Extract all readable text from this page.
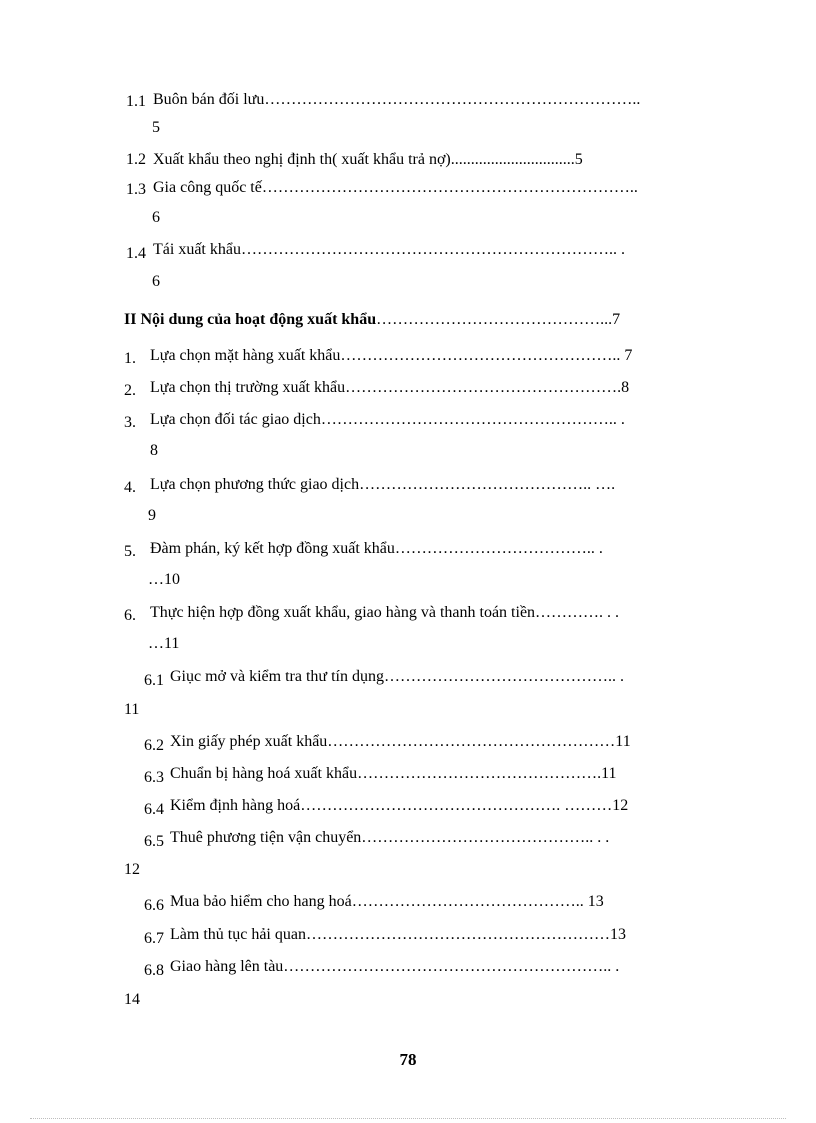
1.1 Buôn bán đối lưu……………………………………………………………..
5
1.2 Xuất khẩu theo nghị định th( xuất khẩu trả nợ)...............................5
1.3 Gia công quốc tế……………………………………………………………..
6
1.4 Tái xuất khẩu…………………………………………………………….. .
6
II Nội dung của hoạt động xuất khẩu……………………………………...7
1. Lựa chọn mặt hàng xuất khẩu…………………………………………….. 7
2. Lựa chọn thị trường xuất khẩu…………………………………………….8
3. Lựa chọn đối tác giao dịch……………………………………………….. .
8
4. Lựa chọn phương thức giao dịch…………………………………….. ….
9
5. Đàm phán, ký kết hợp đồng xuất khẩu……………………………….. .
…10
6. Thực hiện hợp đồng xuất khẩu, giao hàng và thanh toán tiền…………. . .
…11
6.1 Giục mở và kiểm tra thư tín dụng…………………………………….. .
11
6.2 Xin giấy phép xuất khẩu………………………………………………11
6.3 Chuẩn bị hàng hoá xuất khẩu……………………………………….11
6.4 Kiểm định hàng hoá…………………………………………. ………12
6.5 Thuê phương tiện vận chuyển…………………………………….. . .
12
6.6 Mua bảo hiểm cho hang hoá…………………………………….. 13
6.7 Làm thủ tục hải quan…………………………………………………13
6.8 Giao hàng lên tàu…………………………………………………….. .
14
78
